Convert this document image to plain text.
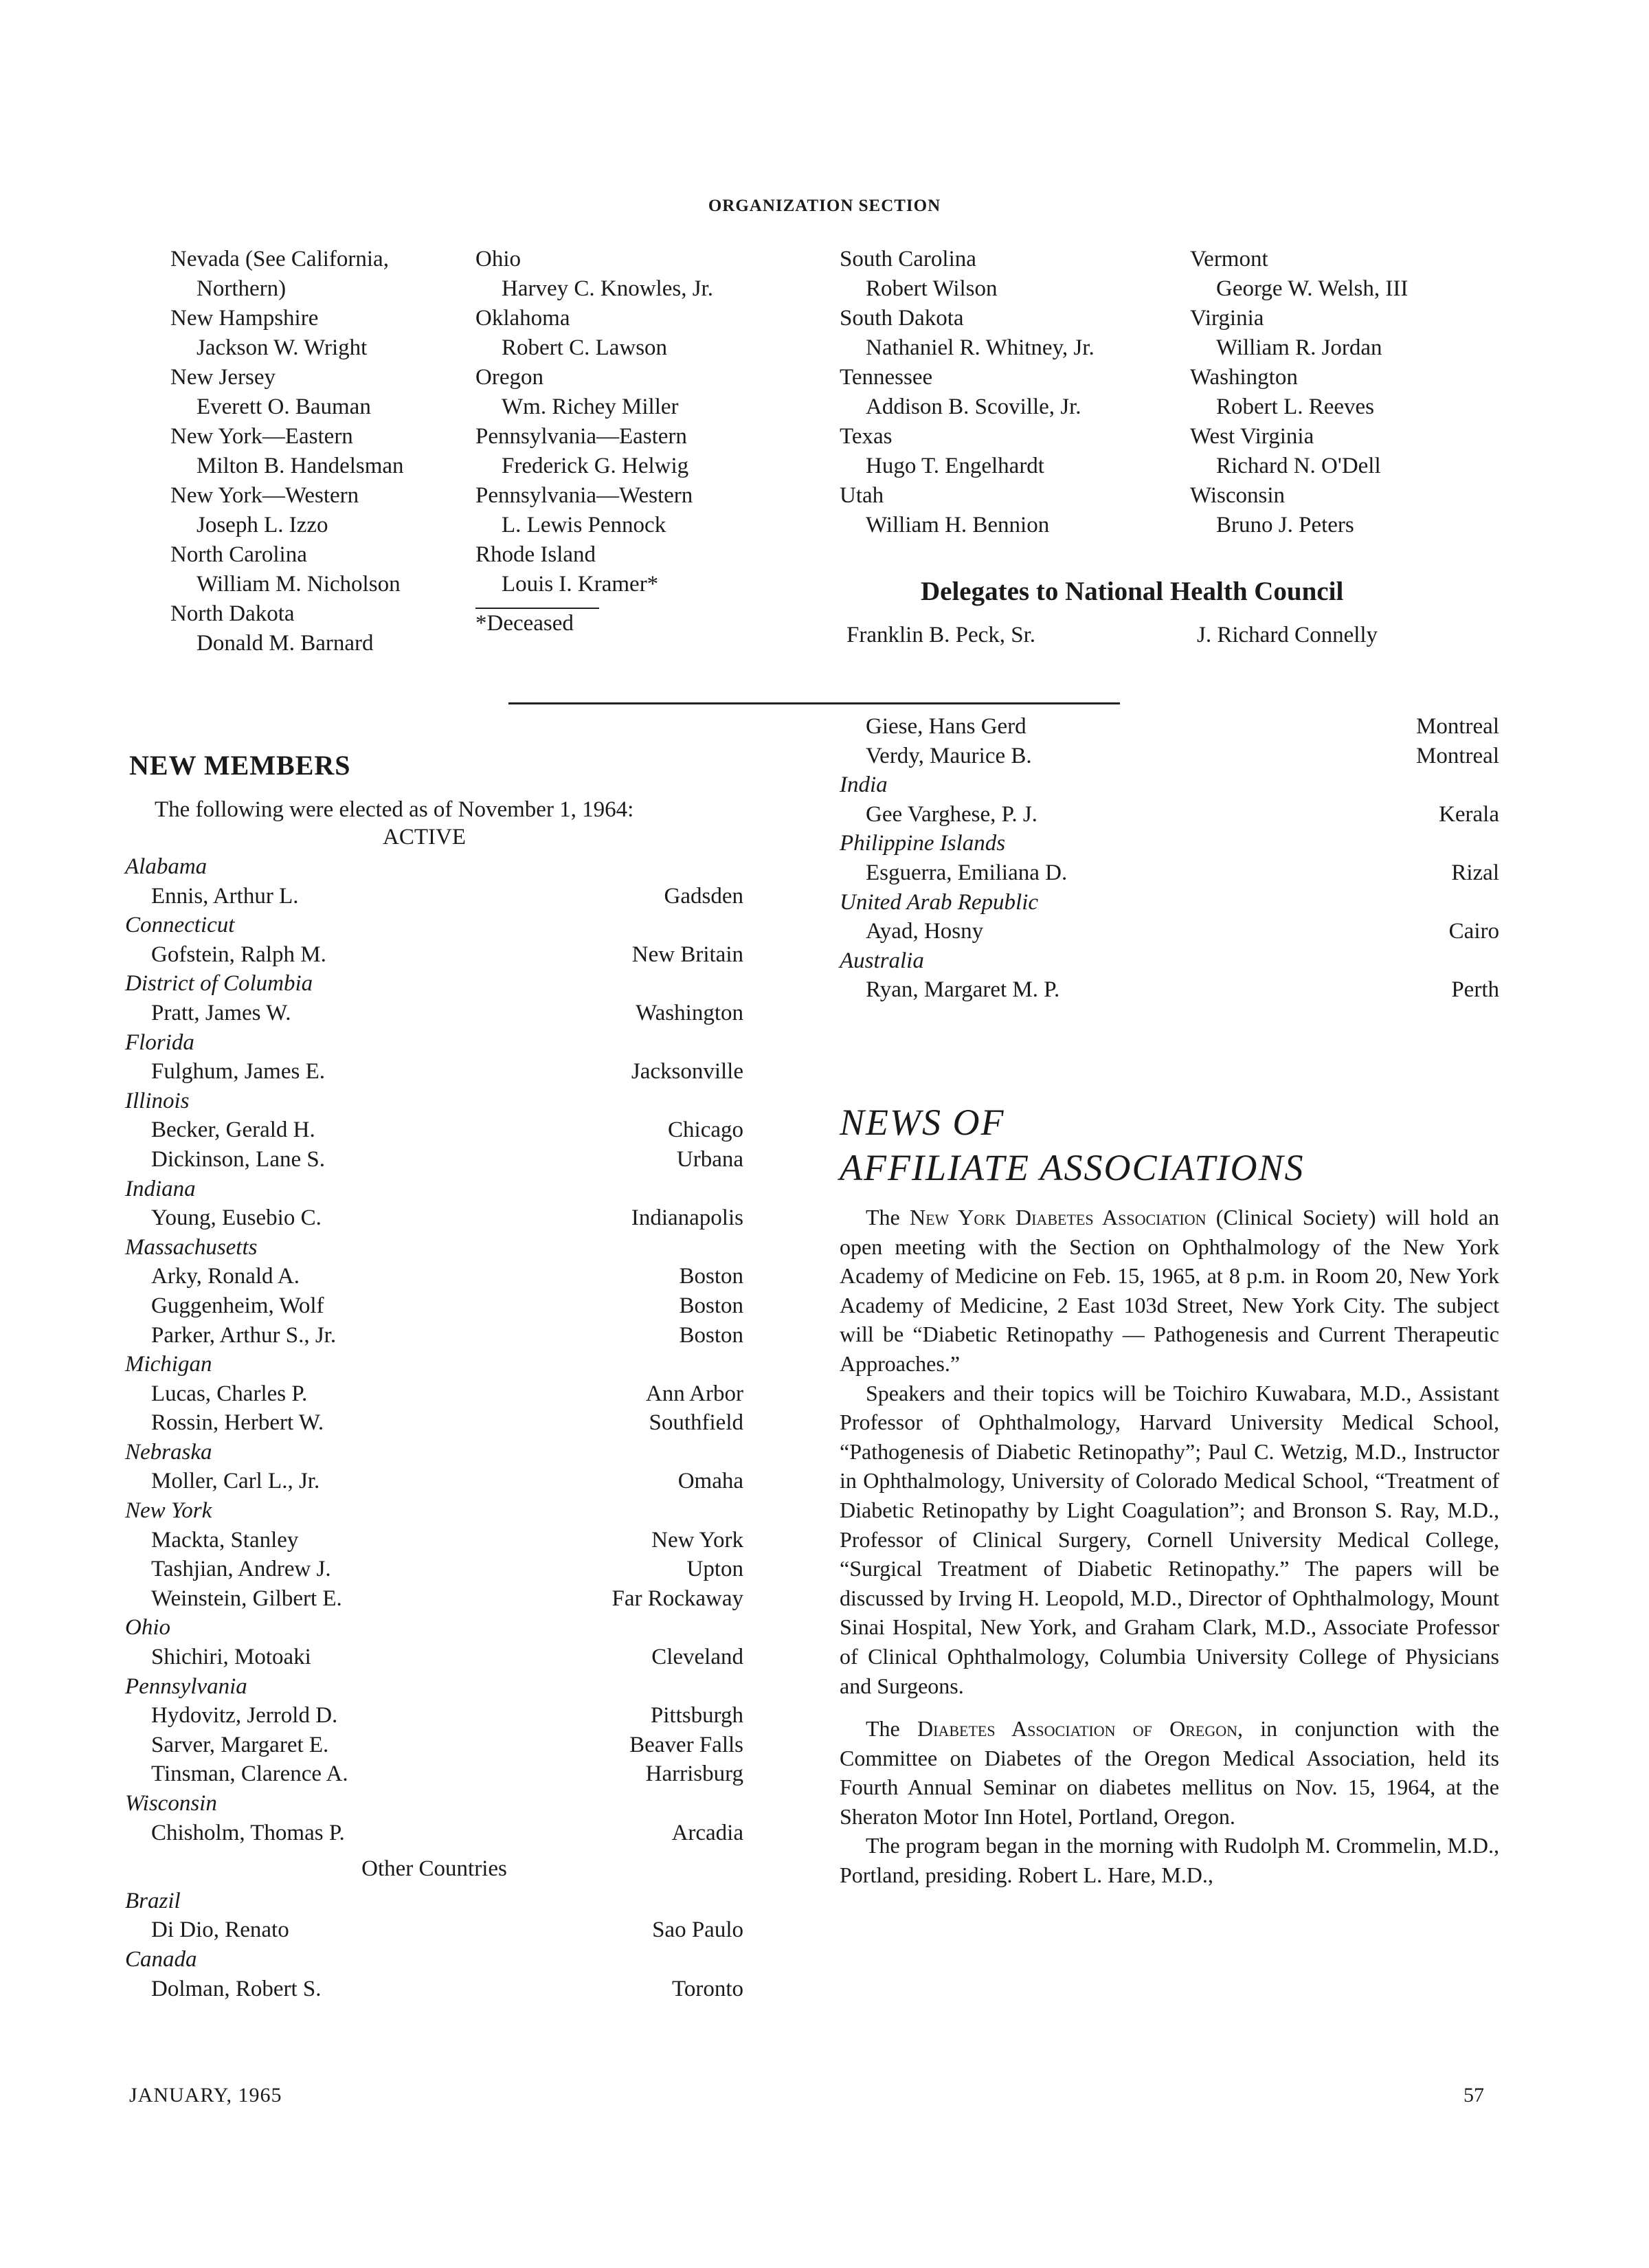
ORGANIZATION SECTION
Nevada (See California,
Northern)
New Hampshire
Jackson W. Wright
New Jersey
Everett O. Bauman
New York—Eastern
Milton B. Handelsman
New York—Western
Joseph L. Izzo
North Carolina
William M. Nicholson
North Dakota
Donald M. Barnard
Ohio
Harvey C. Knowles, Jr.
Oklahoma
Robert C. Lawson
Oregon
Wm. Richey Miller
Pennsylvania—Eastern
Frederick G. Helwig
Pennsylvania—Western
L. Lewis Pennock
Rhode Island
Louis I. Kramer*
*Deceased
South Carolina
Robert Wilson
South Dakota
Nathaniel R. Whitney, Jr.
Tennessee
Addison B. Scoville, Jr.
Texas
Hugo T. Engelhardt
Utah
William H. Bennion
Vermont
George W. Welsh, III
Virginia
William R. Jordan
Washington
Robert L. Reeves
West Virginia
Richard N. O'Dell
Wisconsin
Bruno J. Peters
Delegates to National Health Council
Franklin B. Peck, Sr.	J. Richard Connelly
NEW MEMBERS
The following were elected as of November 1, 1964:
ACTIVE
Alabama
Ennis, Arthur L.	Gadsden
Connecticut
Gofstein, Ralph M.	New Britain
District of Columbia
Pratt, James W.	Washington
Florida
Fulghum, James E.	Jacksonville
Illinois
Becker, Gerald H.	Chicago
Dickinson, Lane S.	Urbana
Indiana
Young, Eusebio C.	Indianapolis
Massachusetts
Arky, Ronald A.	Boston
Guggenheim, Wolf	Boston
Parker, Arthur S., Jr.	Boston
Michigan
Lucas, Charles P.	Ann Arbor
Rossin, Herbert W.	Southfield
Nebraska
Moller, Carl L., Jr.	Omaha
New York
Mackta, Stanley	New York
Tashjian, Andrew J.	Upton
Weinstein, Gilbert E.	Far Rockaway
Ohio
Shichiri, Motoaki	Cleveland
Pennsylvania
Hydovitz, Jerrold D.	Pittsburgh
Sarver, Margaret E.	Beaver Falls
Tinsman, Clarence A.	Harrisburg
Wisconsin
Chisholm, Thomas P.	Arcadia
Other Countries
Brazil
Di Dio, Renato	Sao Paulo
Canada
Dolman, Robert S.	Toronto
Giese, Hans Gerd	Montreal
Verdy, Maurice B.	Montreal
India
Gee Varghese, P. J.	Kerala
Philippine Islands
Esguerra, Emiliana D.	Rizal
United Arab Republic
Ayad, Hosny	Cairo
Australia
Ryan, Margaret M. P.	Perth
NEWS OF
AFFILIATE ASSOCIATIONS

The New York Diabetes Association (Clinical Society) will hold an open meeting with the Section on Ophthalmology of the New York Academy of Medicine on Feb. 15, 1965, at 8 p.m. in Room 20, New York Academy of Medicine, 2 East 103d Street, New York City. The subject will be “Diabetic Retinopathy — Pathogenesis and Current Therapeutic Approaches.”

Speakers and their topics will be Toichiro Kuwabara, M.D., Assistant Professor of Ophthalmology, Harvard University Medical School, “Pathogenesis of Diabetic Retinopathy”; Paul C. Wetzig, M.D., Instructor in Ophthalmology, University of Colorado Medical School, “Treatment of Diabetic Retinopathy by Light Coagulation”; and Bronson S. Ray, M.D., Professor of Clinical Surgery, Cornell University Medical College, “Surgical Treatment of Diabetic Retinopathy.” The papers will be discussed by Irving H. Leopold, M.D., Director of Ophthalmology, Mount Sinai Hospital, New York, and Graham Clark, M.D., Associate Professor of Clinical Ophthalmology, Columbia University College of Physicians and Surgeons.

The Diabetes Association of Oregon, in conjunction with the Committee on Diabetes of the Oregon Medical Association, held its Fourth Annual Seminar on diabetes mellitus on Nov. 15, 1964, at the Sheraton Motor Inn Hotel, Portland, Oregon.

The program began in the morning with Rudolph M. Crommelin, M.D., Portland, presiding. Robert L. Hare, M.D.,

JANUARY, 1965	57
